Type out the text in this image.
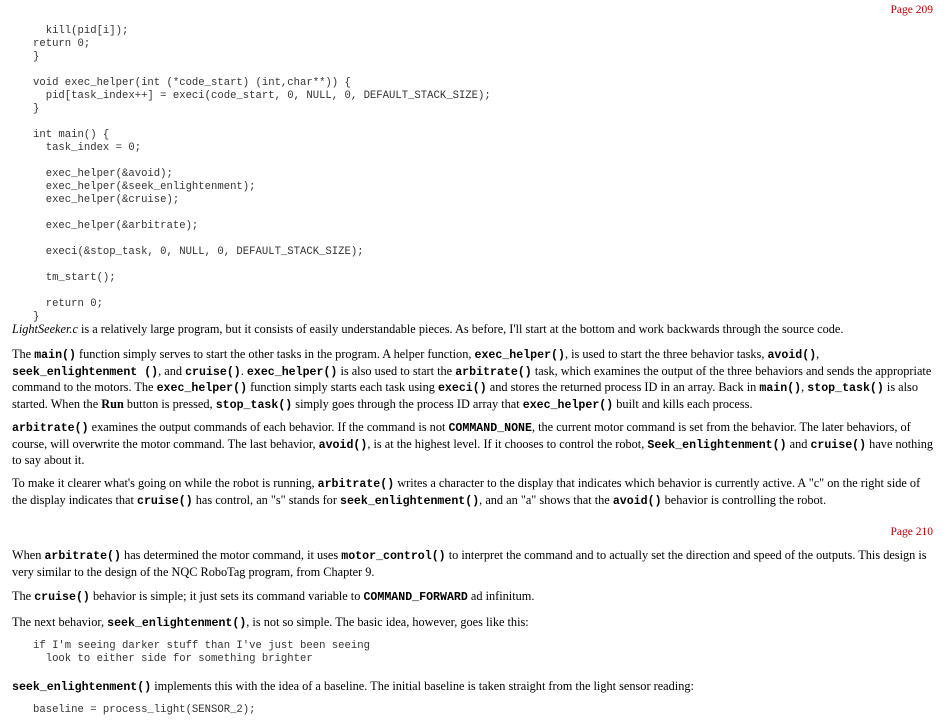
Page 209
kill(pid[i]);
return 0;
}

void exec_helper(int (*code_start) (int,char**)) {
pid[task_index++] = execi(code_start, 0, NULL, 0, DEFAULT_STACK_SIZE);
}

int main() {
task_index = 0;

exec_helper(&avoid);
exec_helper(&seek_enlightenment);
exec_helper(&cruise);

exec_helper(&arbitrate);

execi(&stop_task, 0, NULL, 0, DEFAULT_STACK_SIZE);

tm_start();

return 0;
}

LightSeeker.c is a relatively large program, but it consists of easily understandable pieces. As before, I'll start at the bottom and work backwards through the source code.

The main() function simply serves to start the other tasks in the program. A helper function, exec_helper(), is used to start the three behavior tasks, avoid(), seek_enlightenment (), and cruise(). exec_helper() is also used to start the arbitrate() task, which examines the output of the three behaviors and sends the appropriate command to the motors. The exec_helper() function simply starts each task using execi() and stores the returned process ID in an array. Back in main(), stop_task() is also started. When the Run button is pressed, stop_task() simply goes through the process ID array that exec_helper() built and kills each process.

arbitrate() examines the output commands of each behavior. If the command is not COMMAND_NONE, the current motor command is set from the behavior. The later behaviors, of course, will overwrite the motor command. The last behavior, avoid(), is at the highest level. If it chooses to control the robot, Seek_enlightenment() and cruise() have nothing to say about it.

To make it clearer what's going on while the robot is running, arbitrate() writes a character to the display that indicates which behavior is currently active. A "c" on the right side of the display indicates that cruise() has control, an "s" stands for seek_enlightenment(), and an "a" shows that the avoid() behavior is controlling the robot.

Page 210

When arbitrate() has determined the motor command, it uses motor_control() to interpret the command and to actually set the direction and speed of the outputs. This design is very similar to the design of the NQC RoboTag program, from Chapter 9.

The cruise() behavior is simple; it just sets its command variable to COMMAND_FORWARD ad infinitum.

The next behavior, seek_enlightenment(), is not so simple. The basic idea, however, goes like this:

if I'm seeing darker stuff than I've just been seeing
look to either side for something brighter

seek_enlightenment() implements this with the idea of a baseline. The initial baseline is taken straight from the light sensor reading:

baseline = process_light(SENSOR_2);
